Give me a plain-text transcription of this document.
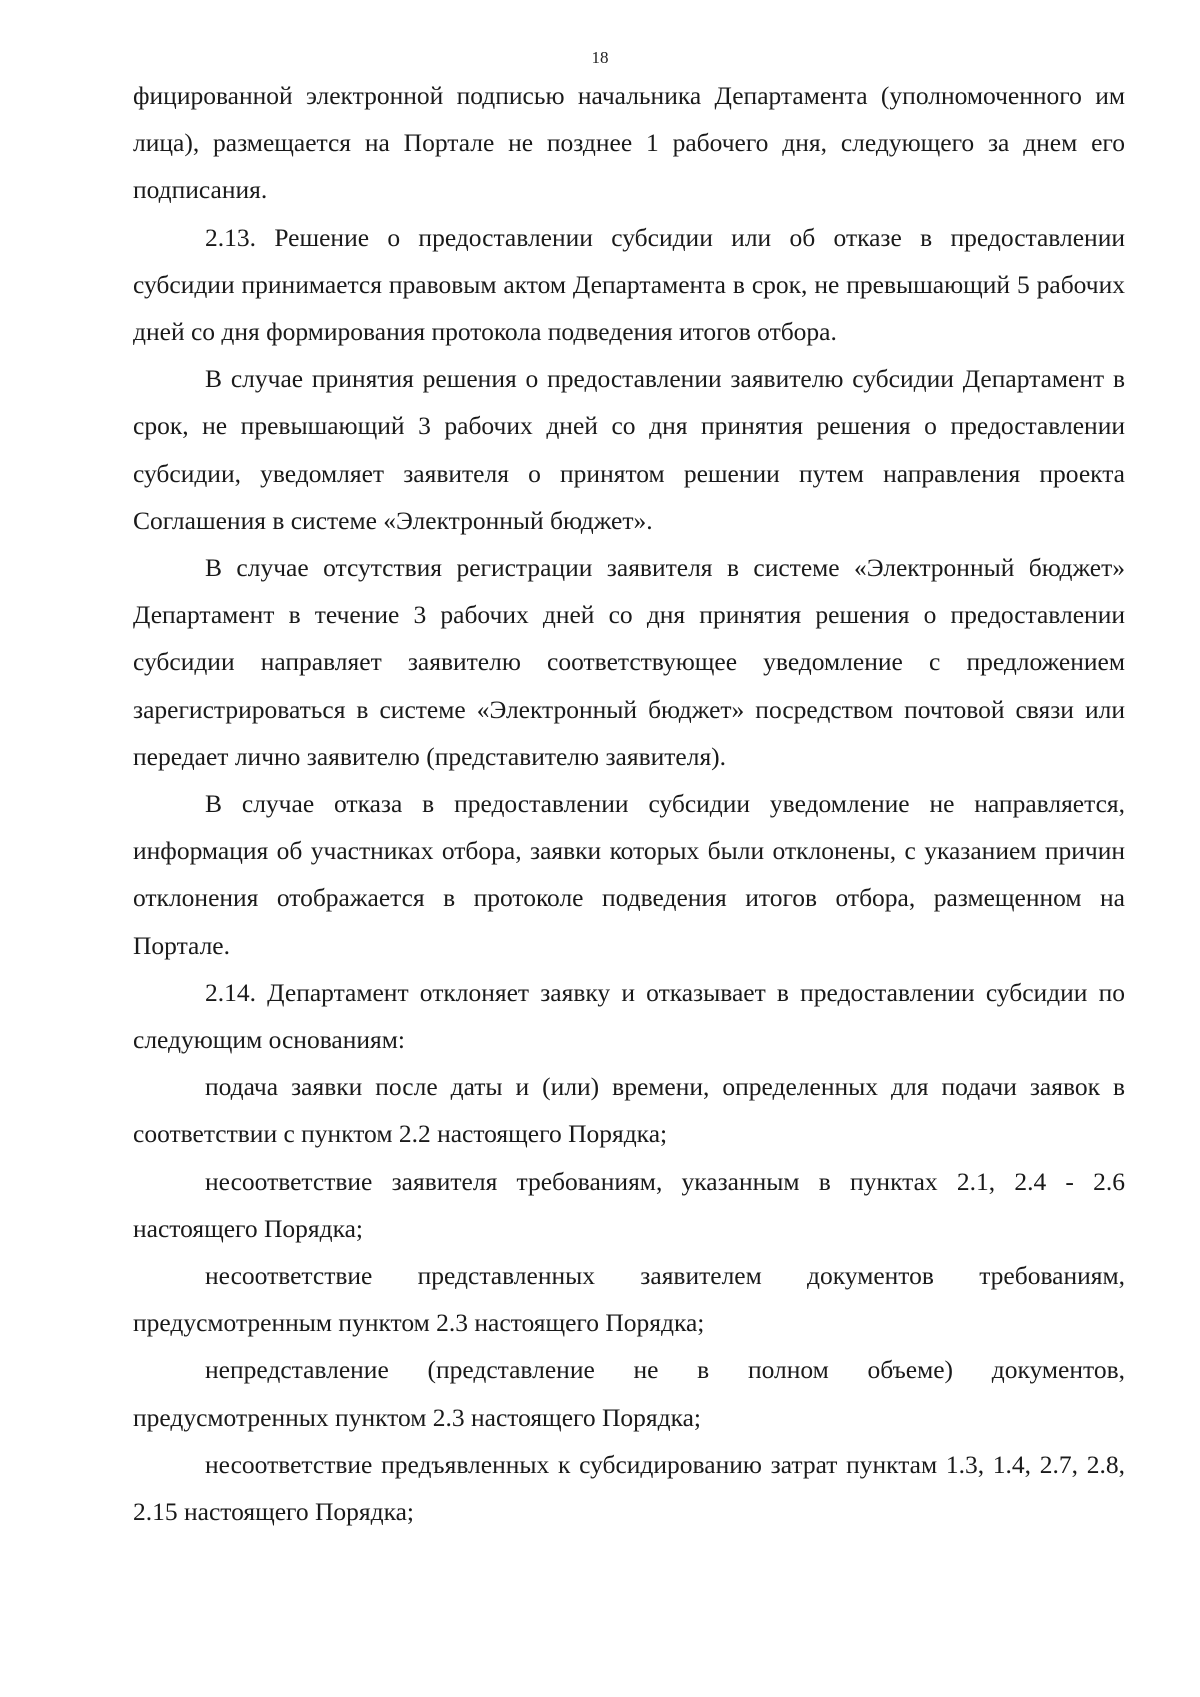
18

фицированной электронной подписью начальника Департамента (уполномоченного им лица), размещается на Портале не позднее 1 рабочего дня, следующего за днем его подписания.

2.13. Решение о предоставлении субсидии или об отказе в предоставлении субсидии принимается правовым актом Департамента в срок, не превышающий 5 рабочих дней со дня формирования протокола подведения итогов отбора.

В случае принятия решения о предоставлении заявителю субсидии Департамент в срок, не превышающий 3 рабочих дней со дня принятия решения о предоставлении субсидии, уведомляет заявителя о принятом решении путем направления проекта Соглашения в системе «Электронный бюджет».

В случае отсутствия регистрации заявителя в системе «Электронный бюджет» Департамент в течение 3 рабочих дней со дня принятия решения о предоставлении субсидии направляет заявителю соответствующее уведомление с предложением зарегистрироваться в системе «Электронный бюджет» посредством почтовой связи или передает лично заявителю (представителю заявителя).

В случае отказа в предоставлении субсидии уведомление не направляется, информация об участниках отбора, заявки которых были отклонены, с указанием причин отклонения отображается в протоколе подведения итогов отбора, размещенном на Портале.

2.14. Департамент отклоняет заявку и отказывает в предоставлении субсидии по следующим основаниям:

подача заявки после даты и (или) времени, определенных для подачи заявок в соответствии с пунктом 2.2 настоящего Порядка;

несоответствие заявителя требованиям, указанным в пунктах 2.1, 2.4 - 2.6 настоящего Порядка;

несоответствие представленных заявителем документов требованиям, предусмотренным пунктом 2.3 настоящего Порядка;

непредставление (представление не в полном объеме) документов, предусмотренных пунктом 2.3 настоящего Порядка;

несоответствие предъявленных к субсидированию затрат пунктам 1.3, 1.4, 2.7, 2.8, 2.15 настоящего Порядка;
